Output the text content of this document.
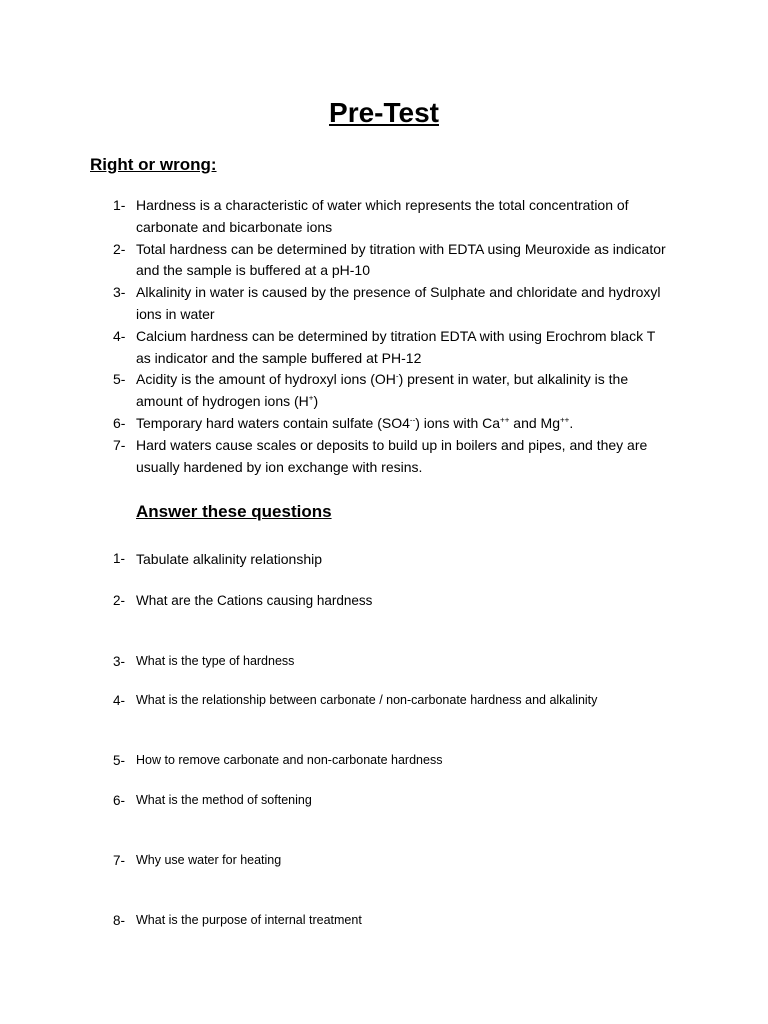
Pre-Test
Right or wrong:
1- Hardness is a characteristic of water which represents the total concentration of carbonate and bicarbonate ions
2- Total hardness can be determined by titration with EDTA using Meuroxide as indicator and the sample is buffered at a pH-10
3- Alkalinity in water is caused by the presence of Sulphate and chloridate and hydroxyl ions in water
4- Calcium hardness can be determined by titration EDTA with using Erochrom black T as indicator and the sample buffered at PH-12
5- Acidity is the amount of hydroxyl ions (OH-) present in water, but alkalinity is the amount of hydrogen ions (H+)
6- Temporary hard waters contain sulfate (SO4--) ions with Ca++ and Mg++.
7- Hard waters cause scales or deposits to build up in boilers and pipes, and they are usually hardened by ion exchange with resins.
Answer these questions
1- Tabulate alkalinity relationship
2- What are the Cations causing hardness
3- What is the type of hardness
4- What is the relationship between carbonate / non-carbonate hardness and alkalinity
5- How to remove carbonate and non-carbonate hardness
6- What is the method of softening
7- Why use water for heating
8- What is the purpose of internal treatment
